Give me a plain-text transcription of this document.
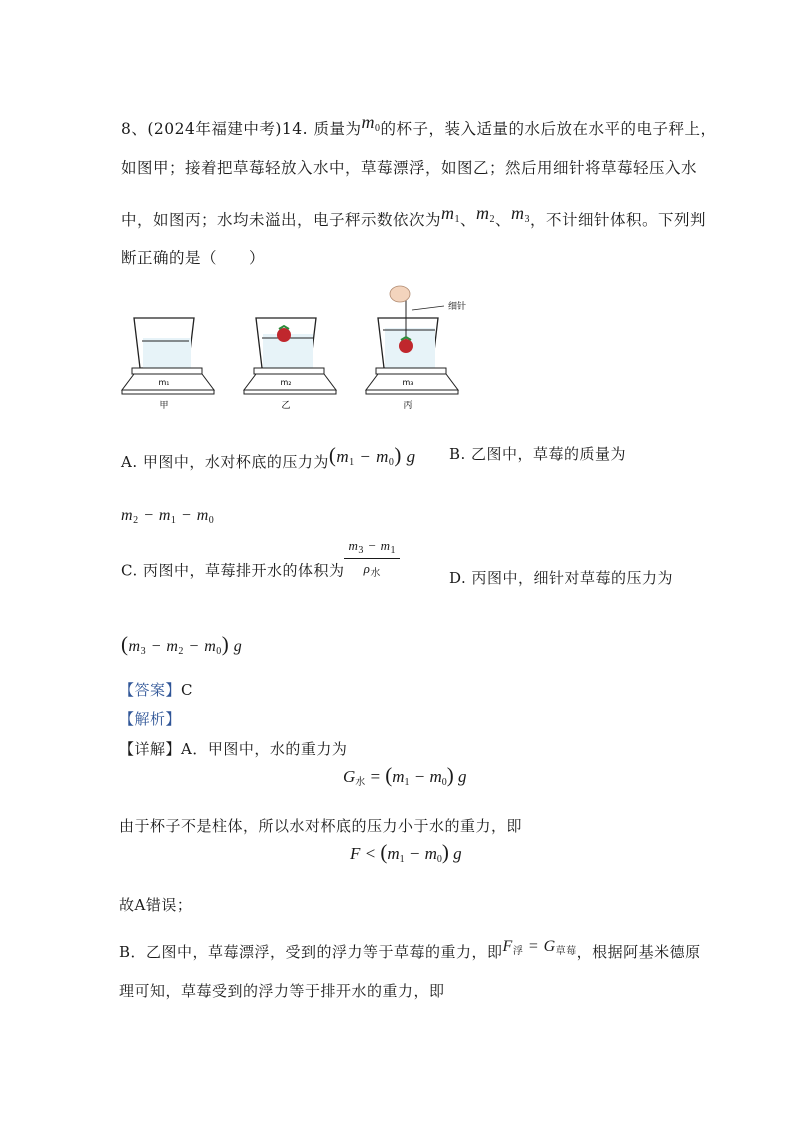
8、(2024年福建中考)14. 质量为$m_0$的杯子，装入适量的水后放在水平的电子秤上，
如图甲；接着把草莓轻放入水中，草莓漂浮，如图乙；然后用细针将草莓轻压入水
中，如图丙；水均未溢出，电子秤示数依次为$m_1$、$m_2$、$m_3$，不计细针体积。下列判
断正确的是（　　）
m₁
甲
m₂
乙
细针
m₃
丙
A. 甲图中，水对杯底的压力为$(m_1 - m_0)$ g B. 乙图中，草莓的质量为
$m_2 - m_1 - m_0$
C. 丙图中，草莓排开水的体积为 $\frac{m_3 - m_1}{\rho_水}$	D. 丙图中，细针对草莓的压力为
$(m_3 - m_2 - m_0)$ g
【答案】C
【解析】
【详解】A．甲图中，水的重力为
$G_水 = (m_1 - m_0)$ g
由于杯子不是柱体，所以水对杯底的压力小于水的重力，即
$F < (m_1 - m_0)$ g
故A错误；
B．乙图中，草莓漂浮，受到的浮力等于草莓的重力，即$F_浮 = G_{草莓}$，根据阿基米德原
理可知，草莓受到的浮力等于排开水的重力，即
